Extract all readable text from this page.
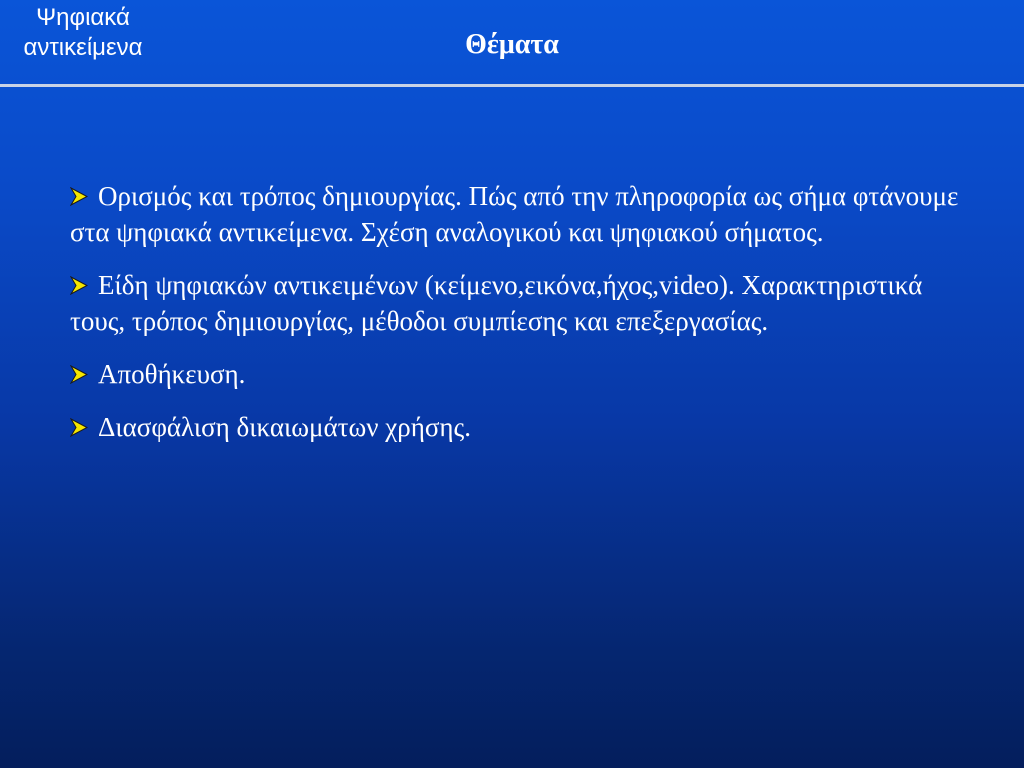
Ψηφιακά
αντικείμενα	Θέματα
Ορισμός και τρόπος δημιουργίας. Πώς από την πληροφορία ως σήμα φτάνουμε στα ψηφιακά αντικείμενα. Σχέση αναλογικού και ψηφιακού σήματος.
Είδη ψηφιακών αντικειμένων (κείμενο,εικόνα,ήχος,video). Χαρακτηριστικά τους, τρόπος δημιουργίας, μέθοδοι συμπίεσης και επεξεργασίας.
Αποθήκευση.
Διασφάλιση δικαιωμάτων χρήσης.
